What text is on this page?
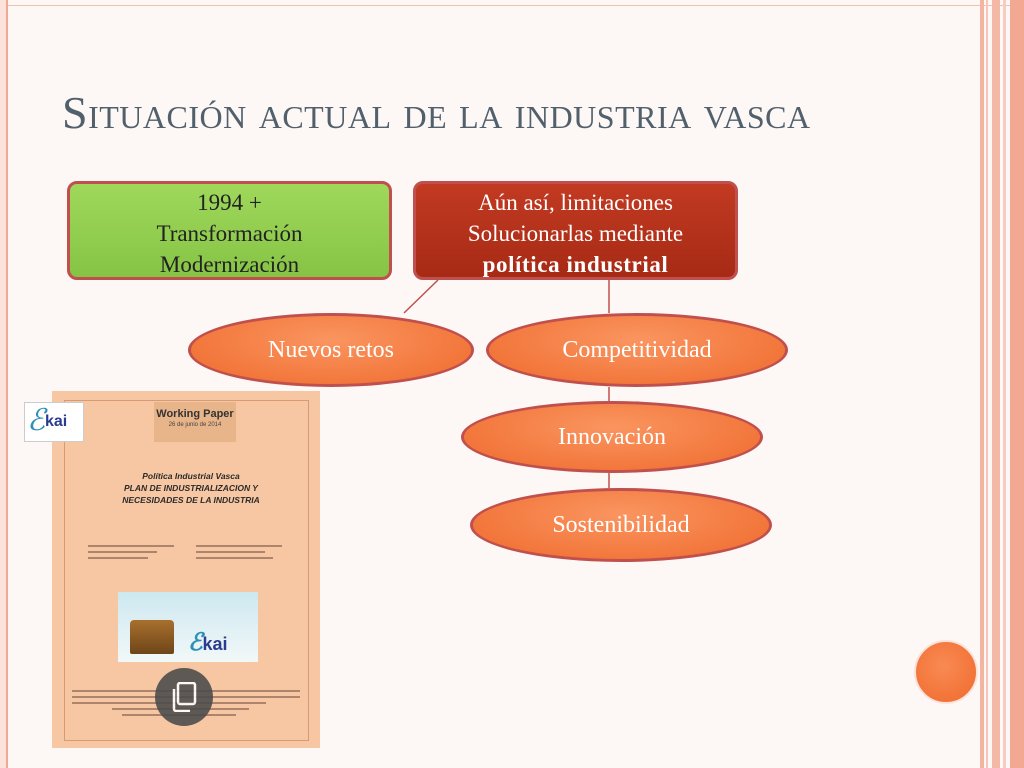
Situación actual de la industria vasca
1994 +
Transformación
Modernización
Aún así, limitaciones
Solucionarlas mediante
política industrial
Nuevos retos	Competitividad
Innovación
Sostenibilidad
ℰ kai	Working Paper
26 de junio de 2014
Política Industrial Vasca
PLAN DE INDUSTRIALIZACION Y
NECESIDADES DE LA INDUSTRIA
ℰkai
